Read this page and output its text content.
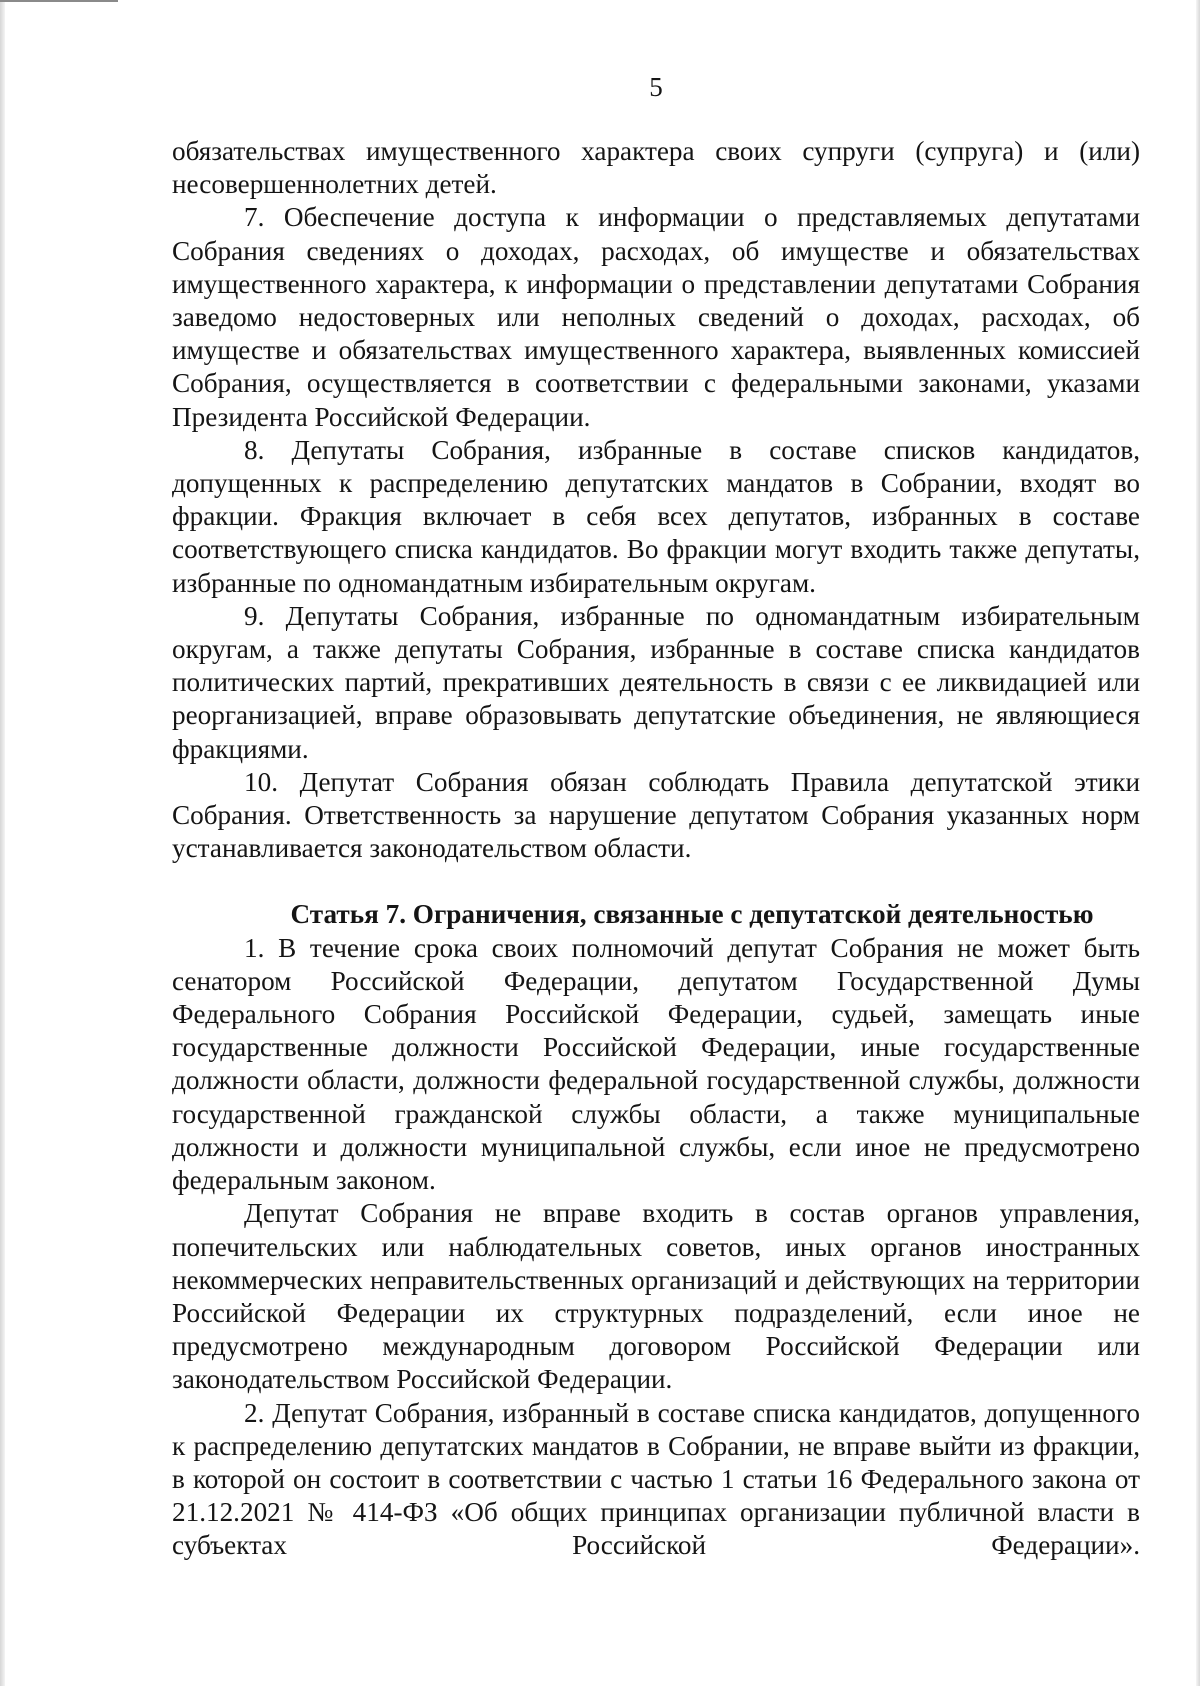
5

обязательствах имущественного характера своих супруги (супруга) и (или) несовершеннолетних детей.

7. Обеспечение доступа к информации о представляемых депутатами Собрания сведениях о доходах, расходах, об имуществе и обязательствах имущественного характера, к информации о представлении депутатами Собрания заведомо недостоверных или неполных сведений о доходах, расходах, об имуществе и обязательствах имущественного характера, выявленных комиссией Собрания, осуществляется в соответствии с федеральными законами, указами Президента Российской Федерации.

8. Депутаты Собрания, избранные в составе списков кандидатов, допущенных к распределению депутатских мандатов в Собрании, входят во фракции. Фракция включает в себя всех депутатов, избранных в составе соответствующего списка кандидатов. Во фракции могут входить также депутаты, избранные по одномандатным избирательным округам.

9. Депутаты Собрания, избранные по одномандатным избирательным округам, а также депутаты Собрания, избранные в составе списка кандидатов политических партий, прекративших деятельность в связи с ее ликвидацией или реорганизацией, вправе образовывать депутатские объединения, не являющиеся фракциями.

10. Депутат Собрания обязан соблюдать Правила депутатской этики Собрания. Ответственность за нарушение депутатом Собрания указанных норм устанавливается законодательством области.

Статья 7. Ограничения, связанные с депутатской деятельностью

1. В течение срока своих полномочий депутат Собрания не может быть сенатором Российской Федерации, депутатом Государственной Думы Федерального Собрания Российской Федерации, судьей, замещать иные государственные должности Российской Федерации, иные государственные должности области, должности федеральной государственной службы, должности государственной гражданской службы области, а также муниципальные должности и должности муниципальной службы, если иное не предусмотрено федеральным законом.

Депутат Собрания не вправе входить в состав органов управления, попечительских или наблюдательных советов, иных органов иностранных некоммерческих неправительственных организаций и действующих на территории Российской Федерации их структурных подразделений, если иное не предусмотрено международным договором Российской Федерации или законодательством Российской Федерации.

2. Депутат Собрания, избранный в составе списка кандидатов, допущенного к распределению депутатских мандатов в Собрании, не вправе выйти из фракции, в которой он состоит в соответствии с частью 1 статьи 16 Федерального закона от 21.12.2021 № 414-ФЗ «Об общих принципах организации публичной власти в субъектах Российской Федерации».
